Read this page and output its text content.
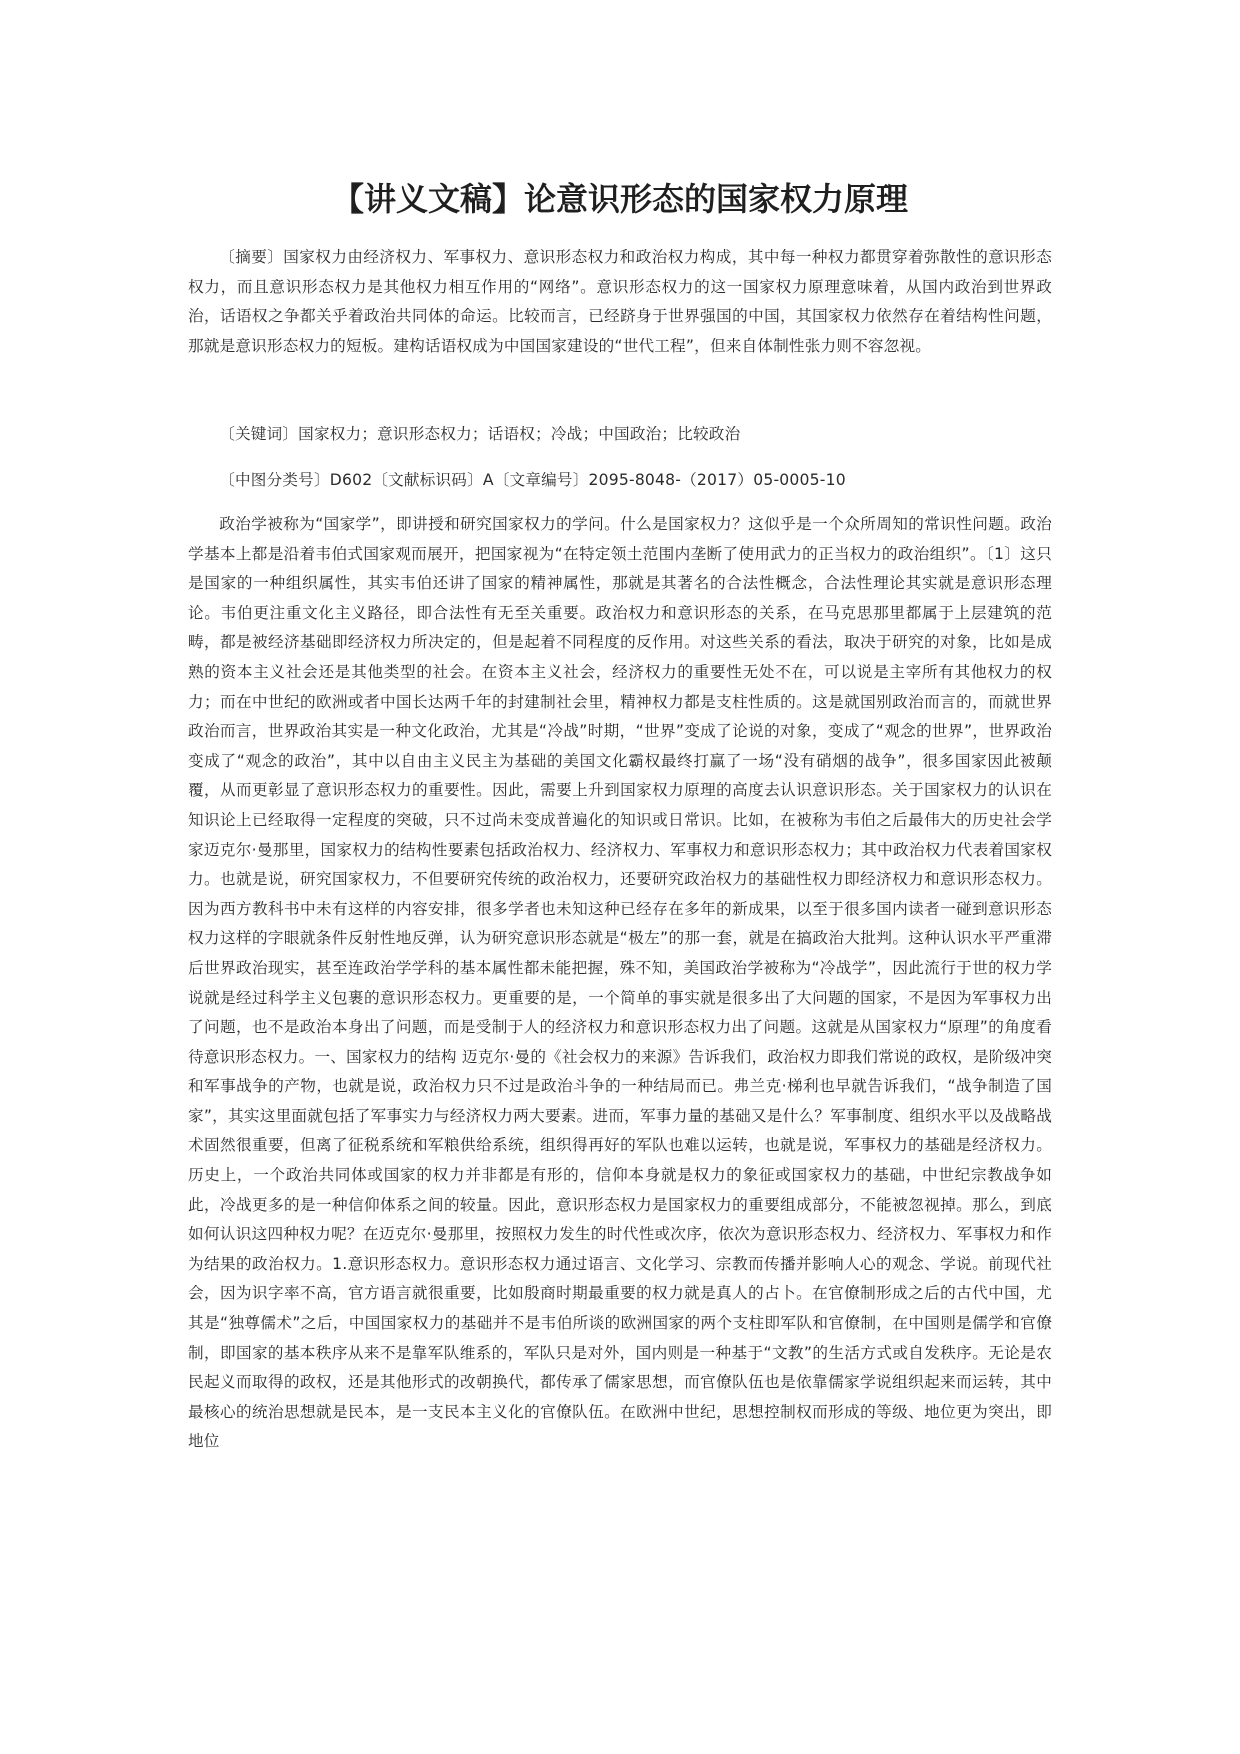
【讲义文稿】论意识形态的国家权力原理

〔摘要〕国家权力由经济权力、军事权力、意识形态权力和政治权力构成，其中每一种权力都贯穿着弥散性的意识形态权力，而且意识形态权力是其他权力相互作用的“网络”。意识形态权力的这一国家权力原理意味着，从国内政治到世界政治，话语权之争都关乎着政治共同体的命运。比较而言，已经跻身于世界强国的中国，其国家权力依然存在着结构性问题，那就是意识形态权力的短板。建构话语权成为中国国家建设的“世代工程”，但来自体制性张力则不容忽视。

〔关键词〕国家权力；意识形态权力；话语权；冷战；中国政治；比较政治

〔中图分类号〕D602〔文献标识码〕A〔文章编号〕2095-8048-（2017）05-0005-10

政治学被称为“国家学”，即讲授和研究国家权力的学问。什么是国家权力？这似乎是一个众所周知的常识性问题。政治学基本上都是沿着韦伯式国家观而展开，把国家视为“在特定领土范围内垄断了使用武力的正当权力的政治组织”。〔1〕这只是国家的一种组织属性，其实韦伯还讲了国家的精神属性，那就是其著名的合法性概念，合法性理论其实就是意识形态理论。韦伯更注重文化主义路径，即合法性有无至关重要。政治权力和意识形态的关系，在马克思那里都属于上层建筑的范畴，都是被经济基础即经济权力所决定的，但是起着不同程度的反作用。对这些关系的看法，取决于研究的对象，比如是成熟的资本主义社会还是其他类型的社会。在资本主义社会，经济权力的重要性无处不在，可以说是主宰所有其他权力的权力；而在中世纪的欧洲或者中国长达两千年的封建制社会里，精神权力都是支柱性质的。这是就国别政治而言的，而就世界政治而言，世界政治其实是一种文化政治，尤其是“冷战”时期，“世界”变成了论说的对象，变成了“观念的世界”，世界政治变成了“观念的政治”，其中以自由主义民主为基础的美国文化霸权最终打赢了一场“没有硝烟的战争”，很多国家因此被颠覆，从而更彰显了意识形态权力的重要性。因此，需要上升到国家权力原理的高度去认识意识形态。关于国家权力的认识在知识论上已经取得一定程度的突破，只不过尚未变成普遍化的知识或日常识。比如，在被称为韦伯之后最伟大的历史社会学家迈克尔·曼那里，国家权力的结构性要素包括政治权力、经济权力、军事权力和意识形态权力；其中政治权力代表着国家权力。也就是说，研究国家权力，不但要研究传统的政治权力，还要研究政治权力的基础性权力即经济权力和意识形态权力。因为西方教科书中未有这样的内容安排，很多学者也未知这种已经存在多年的新成果，以至于很多国内读者一碰到意识形态权力这样的字眼就条件反射性地反弹，认为研究意识形态就是“极左”的那一套，就是在搞政治大批判。这种认识水平严重滞后世界政治现实，甚至连政治学学科的基本属性都未能把握，殊不知，美国政治学被称为“冷战学”，因此流行于世的权力学说就是经过科学主义包裹的意识形态权力。更重要的是，一个简单的事实就是很多出了大问题的国家，不是因为军事权力出了问题，也不是政治本身出了问题，而是受制于人的经济权力和意识形态权力出了问题。这就是从国家权力“原理”的角度看待意识形态权力。一、国家权力的结构 迈克尔·曼的《社会权力的来源》告诉我们，政治权力即我们常说的政权，是阶级冲突和军事战争的产物，也就是说，政治权力只不过是政治斗争的一种结局而已。弗兰克·梯利也早就告诉我们，“战争制造了国家”，其实这里面就包括了军事实力与经济权力两大要素。进而，军事力量的基础又是什么？军事制度、组织水平以及战略战术固然很重要，但离了征税系统和军粮供给系统，组织得再好的军队也难以运转，也就是说，军事权力的基础是经济权力。历史上，一个政治共同体或国家的权力并非都是有形的，信仰本身就是权力的象征或国家权力的基础，中世纪宗教战争如此，冷战更多的是一种信仰体系之间的较量。因此，意识形态权力是国家权力的重要组成部分，不能被忽视掉。那么，到底如何认识这四种权力呢？在迈克尔·曼那里，按照权力发生的时代性或次序，依次为意识形态权力、经济权力、军事权力和作为结果的政治权力。1.意识形态权力。意识形态权力通过语言、文化学习、宗教而传播并影响人心的观念、学说。前现代社会，因为识字率不高，官方语言就很重要，比如殷商时期最重要的权力就是真人的占卜。在官僚制形成之后的古代中国，尤其是“独尊儒术”之后，中国国家权力的基础并不是韦伯所谈的欧洲国家的两个支柱即军队和官僚制，在中国则是儒学和官僚制，即国家的基本秩序从来不是靠军队维系的，军队只是对外，国内则是一种基于“文教”的生活方式或自发秩序。无论是农民起义而取得的政权，还是其他形式的改朝换代，都传承了儒家思想，而官僚队伍也是依靠儒家学说组织起来而运转，其中最核心的统治思想就是民本，是一支民本主义化的官僚队伍。在欧洲中世纪，思想控制权而形成的等级、地位更为突出，即地位
